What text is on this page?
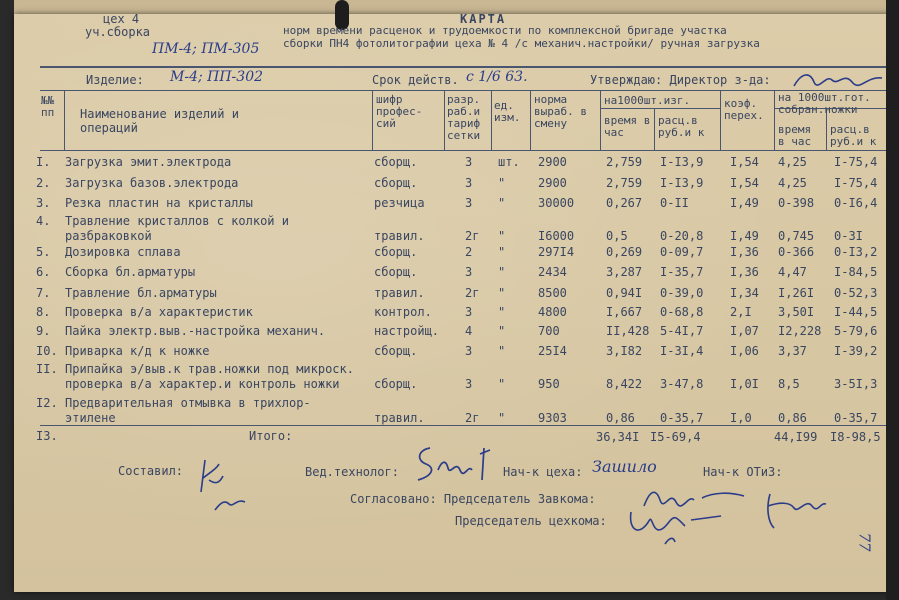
цех 4
уч.сборка
КАРТА
норм времени расценок и трудоемкости по комплексной бригаде участка
сборки ПН4 фотолитографии цеха № 4 /с механич.настройки/ ручная загрузка
ПМ-4; ПМ-305
Изделие: М-4; ПП-302	Срок действ. с 1/6 63.	Утверждаю: Директор з-да:
№№ пп	Наименование изделий и операций
шифр профес-сий
разр. раб.и тариф сетки
ед. изм.
норма выраб. в смену
на1000шт.изг.
время в час
расц.в руб.и к
коэф. перех.
на 1000шт.гот. собран.ножки
время в час
расц.в руб.и к
I. Загрузка эмит.электрода	сборщ.	3 шт. 2900	2,759 I-I3,9 I,54 4,25 I-75,4
2. Загрузка базов.электрода	сборщ.	3 "	2900	2,759 I-I3,9 I,54 4,25 I-75,4
3. Резка пластин на кристаллы	резчица	3 "	30000	0,267 0-II	I,49 0-398 0-I6,4
4. Травление кристаллов с колкой и
разбраковкой	травил.	2г "	I6000	0,5	0-20,8 I,49 0,745 0-3I
5. Дозировка сплава	сборщ.	2 "	297I4	0,269 0-09,7 I,36 0-366 0-I3,2
6. Сборка бл.арматуры	сборщ.	3 "	2434	3,287 I-35,7 I,36 4,47 I-84,5
7. Травление бл.арматуры	травил.	2г "	8500	0,94I 0-39,0 I,34 I,26I 0-52,3
8. Проверка в/а характеристик	контрол.	3 "	4800	I,667 0-68,8 2,I 3,50I I-44,5
9. Пайка электр.выв.-настройка механич.	настройщ. 4 "	700	II,428 5-4I,7 I,07 I2,228 5-79,6
I0. Приварка к/д к ножке	сборщ.	3 "	25I4	3,I82 I-3I,4 I,06 3,37 I-39,2
II. Припайка э/выв.к трав.ножки под микроск.
проверка в/а характер.и контроль ножки	сборщ.	3 "	950	8,422 3-47,8 I,0I 8,5	3-5I,3
I2. Предварительная отмывка в трихлор-
этилене	травил.	2г "	9303	0,86 0-35,7 I,0 0,86 0-35,7
I3.	Итого:	36,34I I5-69,4	44,I99 I8-98,5
Составил:	Вед.технолог:	Нач-к цеха: Зашило	Нач-к ОТиЗ:
Согласовано: Председатель Завкома:
Председатель цехкома:
77
